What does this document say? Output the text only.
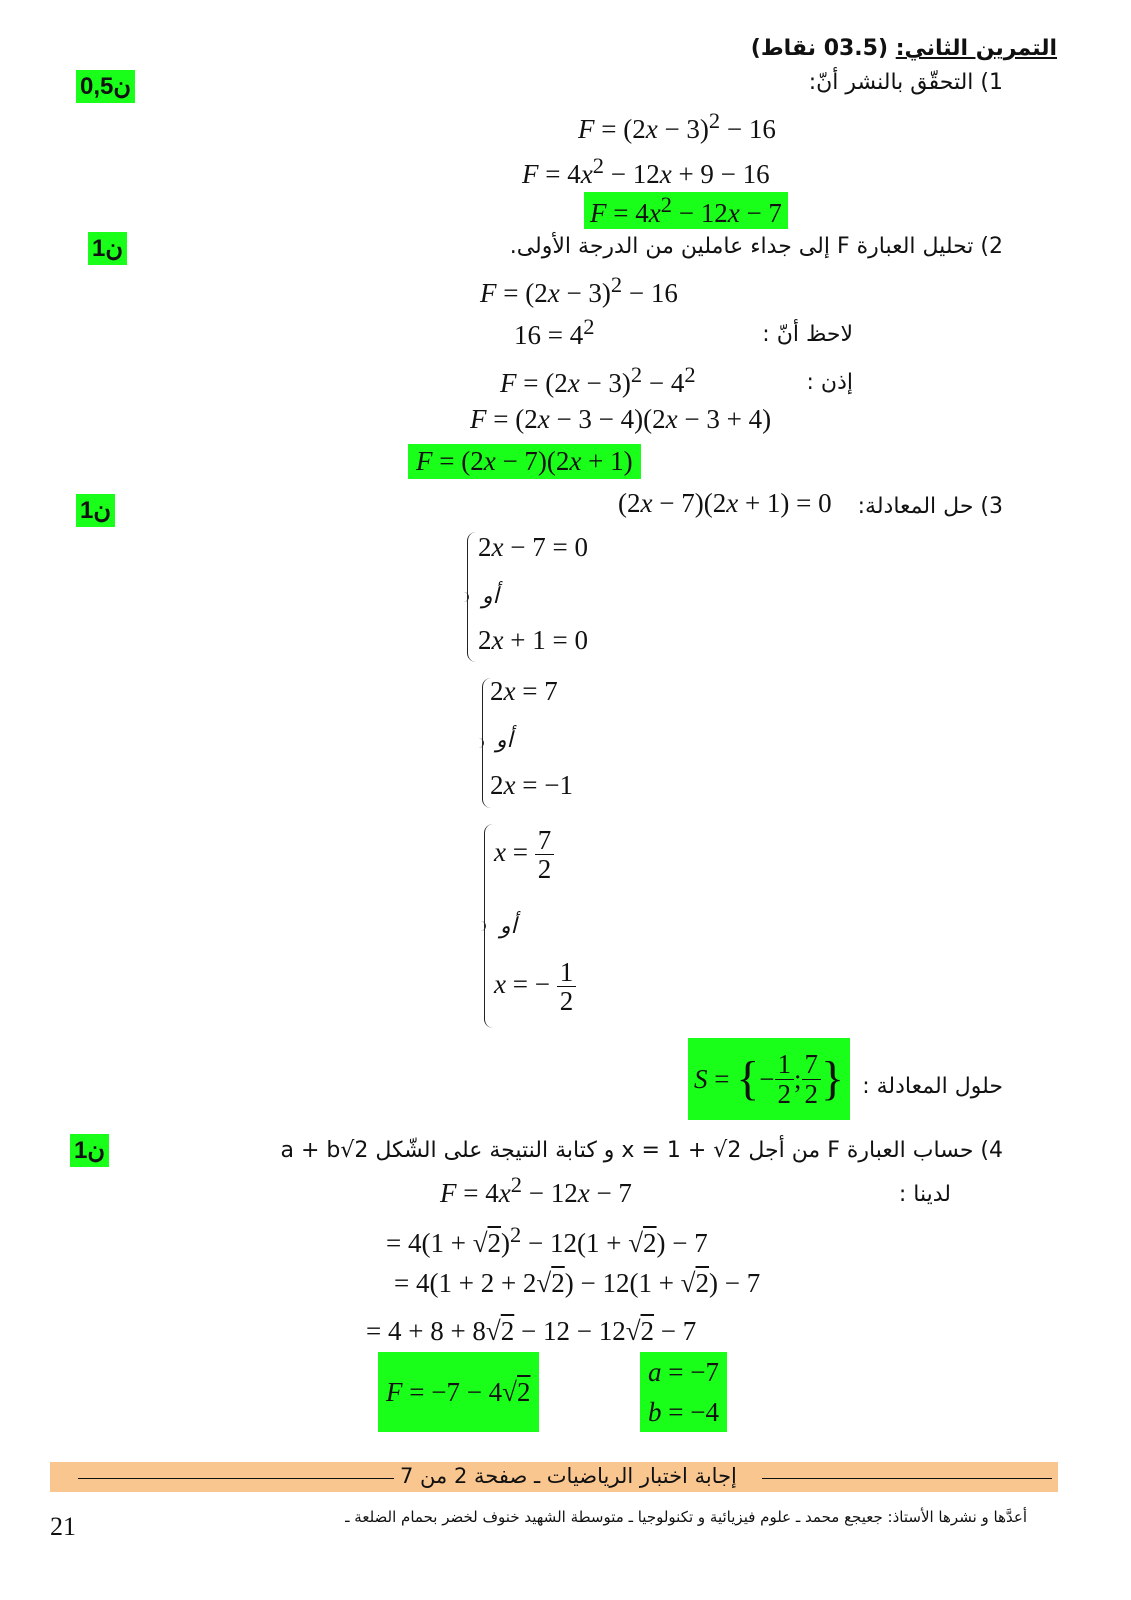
التمرين الثاني: (03.5 نقاط)
0,5ن
1ن
1ن
1ن
1) التحقّق بالنشر أنّ:
$F = (2x - 3)^2 - 16$
$F = 4x^2 - 12x + 9 - 16$
$F = 4x^2 - 12x - 7$
2) تحليل العبارة F إلى جداء عاملين من الدرجة الأولى.
$F = (2x - 3)^2 - 16$
لاحظ أنّ :
$16 = 4^2$
إذن :
$F = (2x - 3)^2 - 4^2$
F = (2x − 3 − 4)(2x − 3 + 4)
F = (2x − 7)(2x + 1)
3) حل المعادلة:
(2x − 7)(2x + 1) = 0
2x − 7 = 0
أو
2x + 1 = 0
2x = 7
أو
2x = −1
$x = \frac{7}{2}$
أو
x = − $\frac{1}{2}$
حلول المعادلة :
S = { − $\frac{1}{2}$ ; $\frac{7}{2}$ }
4) حساب العبارة F من أجل 2√ + 1 = x و كتابة النتيجة على الشّكل a + b√2
لدينا :
$F = 4x^2 - 12x - 7$
= $4(1 + √2)^2 - 12(1 + √2) - 7$
= 4(1 + 2 + 2√2) − 12(1 + √2) − 7
= 4 + 8 + 8√2 − 12 − 12√2 − 7
F = −7 − 4√ 2
a = −7
b = −4
إجابة اختبار الرياضيات ـ صفحة 2 من 7
21	أعدَّها و نشرها الأستاذ: جعيجع محمد ـ علوم فيزيائية و تكنولوجيا ـ متوسطة الشهيد خنوف لخضر بحمام الضلعة ـ
